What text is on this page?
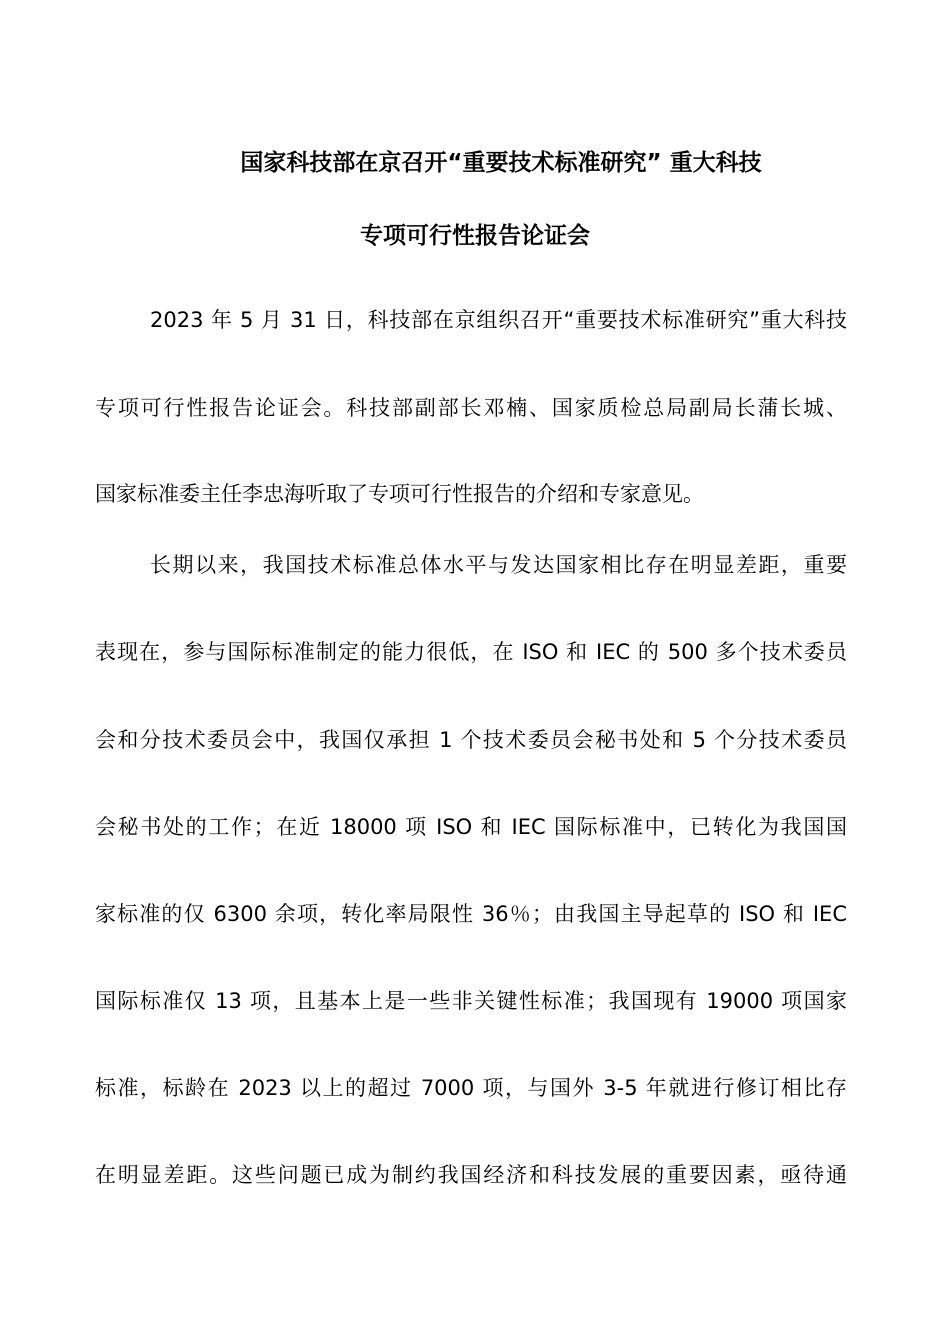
国家科技部在京召开“重要技术标准研究” 重大科技
专项可行性报告论证会
2023 年 5 月 31 日，科技部在京组织召开“重要技术标准研究”重大科技
专项可行性报告论证会。科技部副部长邓楠、国家质检总局副局长蒲长城、
国家标准委主任李忠海听取了专项可行性报告的介绍和专家意见。
长期以来，我国技术标准总体水平与发达国家相比存在明显差距，重要
表现在，参与国际标准制定的能力很低，在 ISO 和 IEC 的 500 多个技术委员
会和分技术委员会中，我国仅承担 1 个技术委员会秘书处和 5 个分技术委员
会秘书处的工作；在近 18000 项 ISO 和 IEC 国际标准中，已转化为我国国
家标准的仅 6300 余项，转化率局限性 36％；由我国主导起草的 ISO 和 IEC
国际标准仅 13 项，且基本上是一些非关键性标准；我国现有 19000 项国家
标准，标龄在 2023 以上的超过 7000 项，与国外 3-5 年就进行修订相比存
在明显差距。这些问题已成为制约我国经济和科技发展的重要因素，亟待通
